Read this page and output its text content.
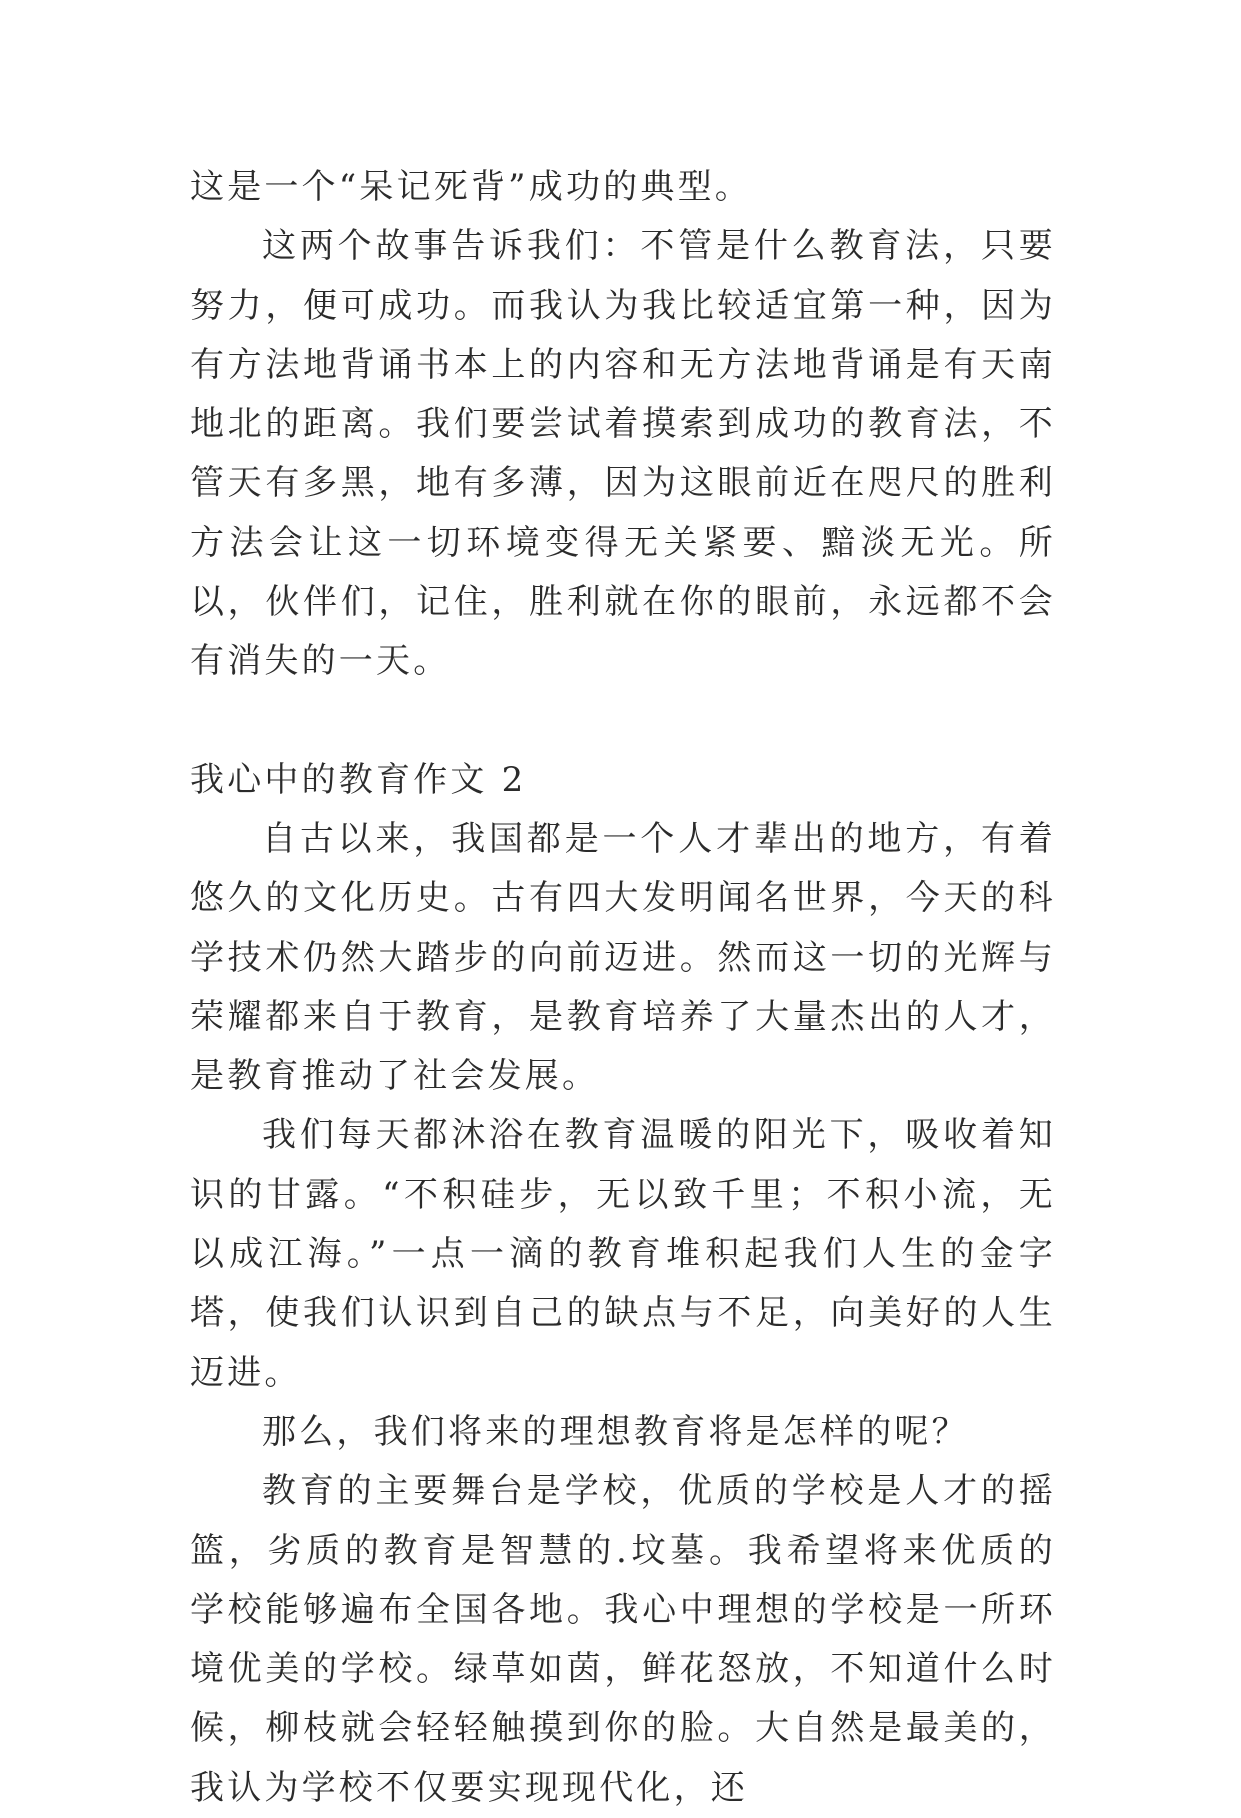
这是一个“呆记死背”成功的典型。

这两个故事告诉我们：不管是什么教育法，只要努力，便可成功。而我认为我比较适宜第一种，因为有方法地背诵书本上的内容和无方法地背诵是有天南地北的距离。我们要尝试着摸索到成功的教育法，不管天有多黑，地有多薄，因为这眼前近在咫尺的胜利方法会让这一切环境变得无关紧要、黯淡无光。所以，伙伴们，记住，胜利就在你的眼前，永远都不会有消失的一天。

我心中的教育作文 2

自古以来，我国都是一个人才辈出的地方，有着悠久的文化历史。古有四大发明闻名世界，今天的科学技术仍然大踏步的向前迈进。然而这一切的光辉与荣耀都来自于教育，是教育培养了大量杰出的人才，是教育推动了社会发展。

我们每天都沐浴在教育温暖的阳光下，吸收着知识的甘露。“不积硅步，无以致千里；不积小流，无以成江海。”一点一滴的教育堆积起我们人生的金字塔，使我们认识到自己的缺点与不足，向美好的人生迈进。

那么，我们将来的理想教育将是怎样的呢？

教育的主要舞台是学校，优质的学校是人才的摇篮，劣质的教育是智慧的.坟墓。我希望将来优质的学校能够遍布全国各地。我心中理想的学校是一所环境优美的学校。绿草如茵，鲜花怒放，不知道什么时候，柳枝就会轻轻触摸到你的脸。大自然是最美的，我认为学校不仅要实现现代化，还
